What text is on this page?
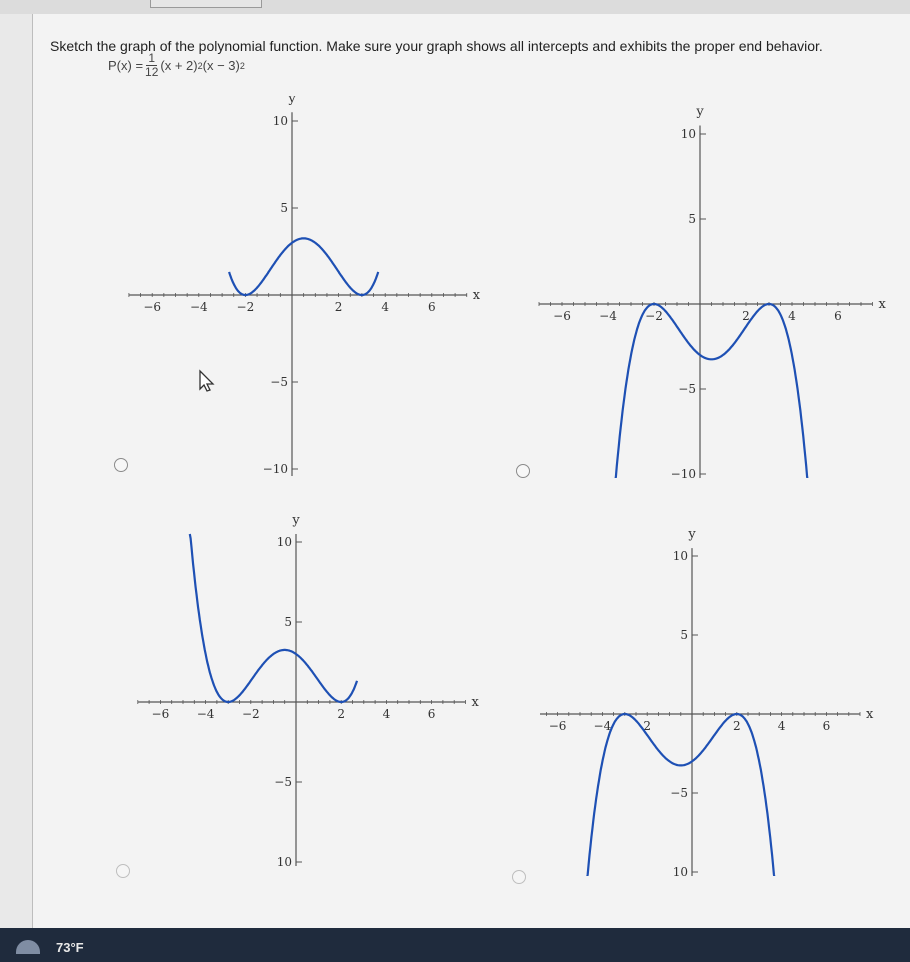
Sketch the graph of the polynomial function. Make sure your graph shows all intercepts and exhibits the proper end behavior.
$P(x) = \frac{1}{12} (x + 2)$ 2 (x − 3) 2
−6 −4 −2	2	4	6
x
10
5
−5
−10
y
−6 −4 −2	2	4	6
x
10
5
−5
−10
y
−6 −4 −2	2	4	6
x
10
5
−5
10
y
−6 −4	2	2	4	6
x
10
5
−5
10
y
73°F
